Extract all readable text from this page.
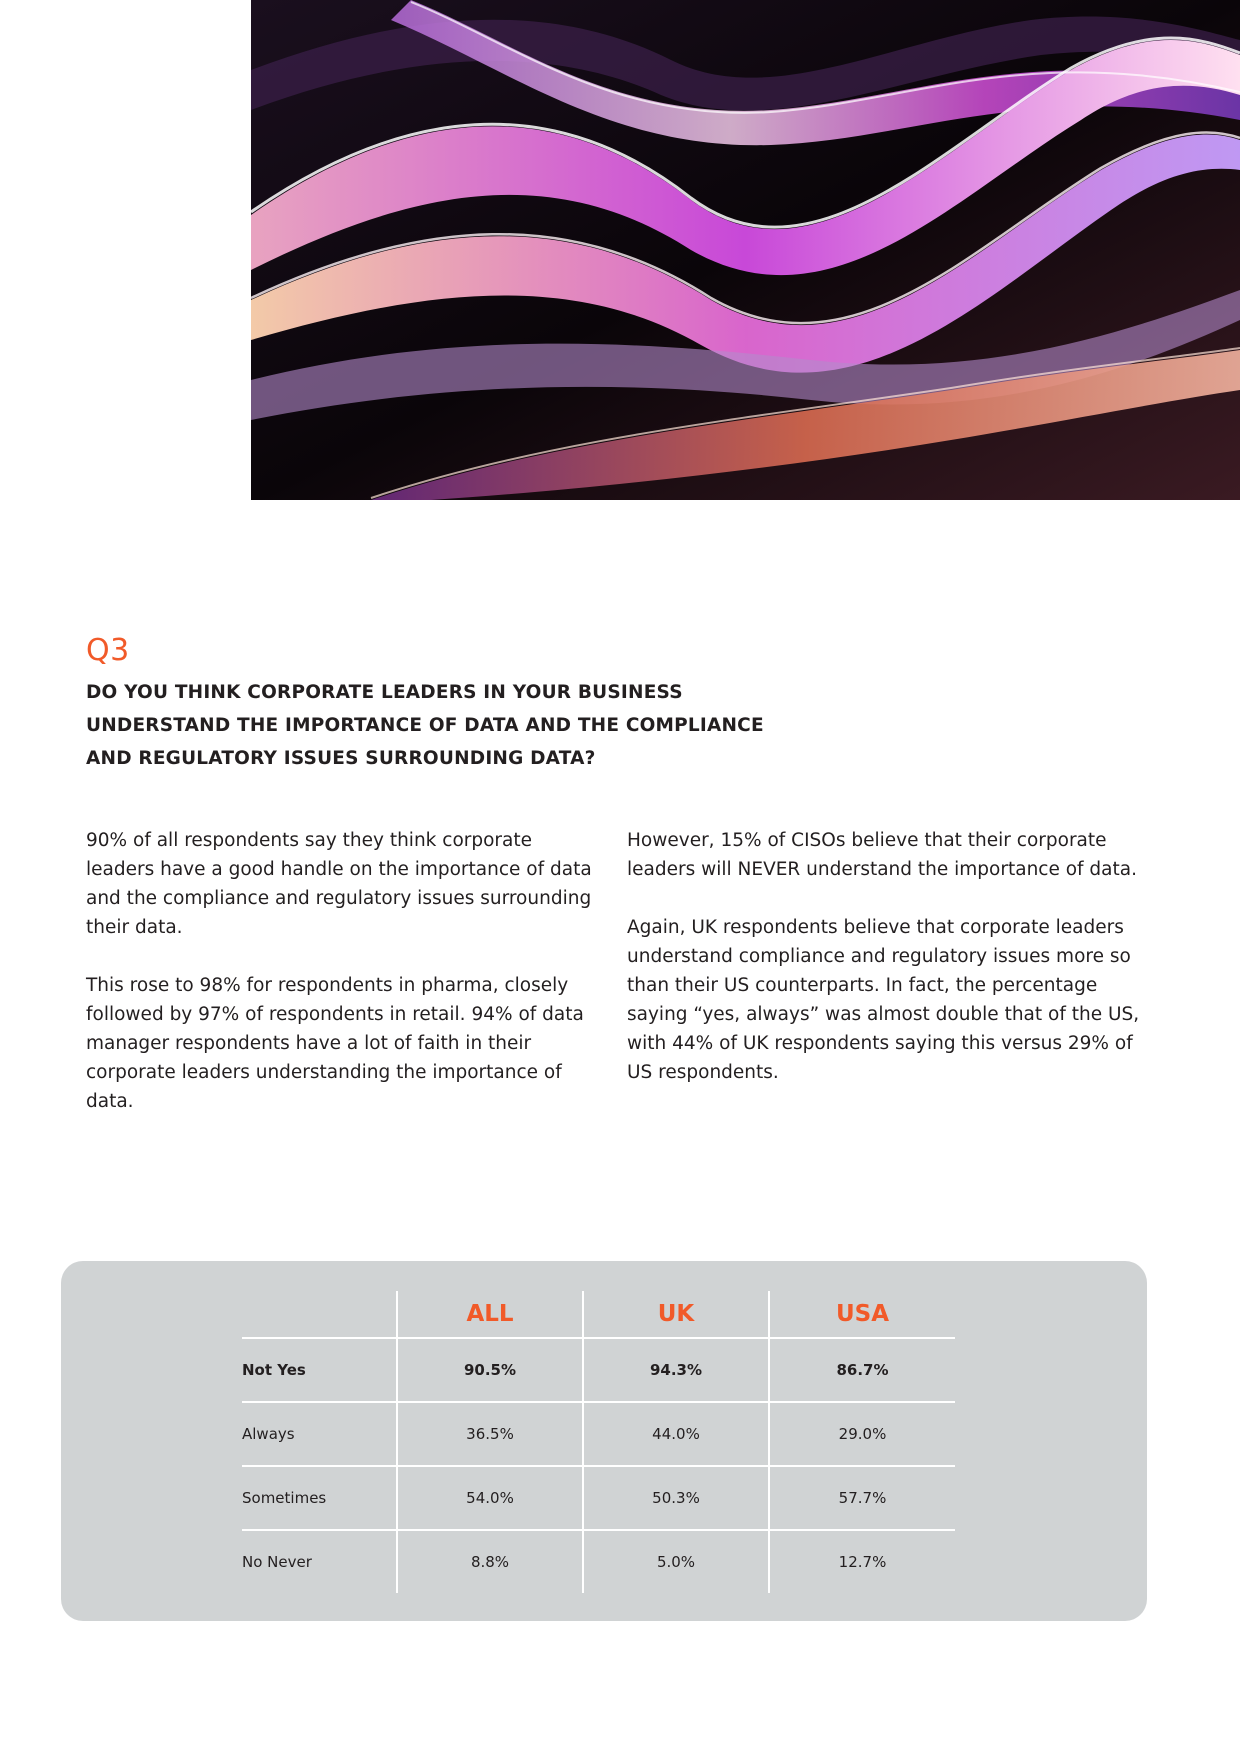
Q3
DO YOU THINK CORPORATE LEADERS IN YOUR BUSINESS UNDERSTAND THE IMPORTANCE OF DATA AND THE COMPLIANCE AND REGULATORY ISSUES SURROUNDING DATA?

90% of all respondents say they think corporate leaders have a good handle on the importance of data and the compliance and regulatory issues surrounding their data.

This rose to 98% for respondents in pharma, closely followed by 97% of respondents in retail. 94% of data manager respondents have a lot of faith in their corporate leaders understanding the importance of data.

However, 15% of CISOs believe that their corporate leaders will NEVER understand the importance of data.

Again, UK respondents believe that corporate leaders understand compliance and regulatory issues more so than their US counterparts. In fact, the percentage saying “yes, always” was almost double that of the US, with 44% of UK respondents saying this versus 29% of US respondents.

	ALL	UK	USA
Not Yes	90.5%	94.3%	86.7%
Always	36.5%	44.0%	29.0%
Sometimes	54.0%	50.3%	57.7%
No Never	8.8%	5.0%	12.7%
